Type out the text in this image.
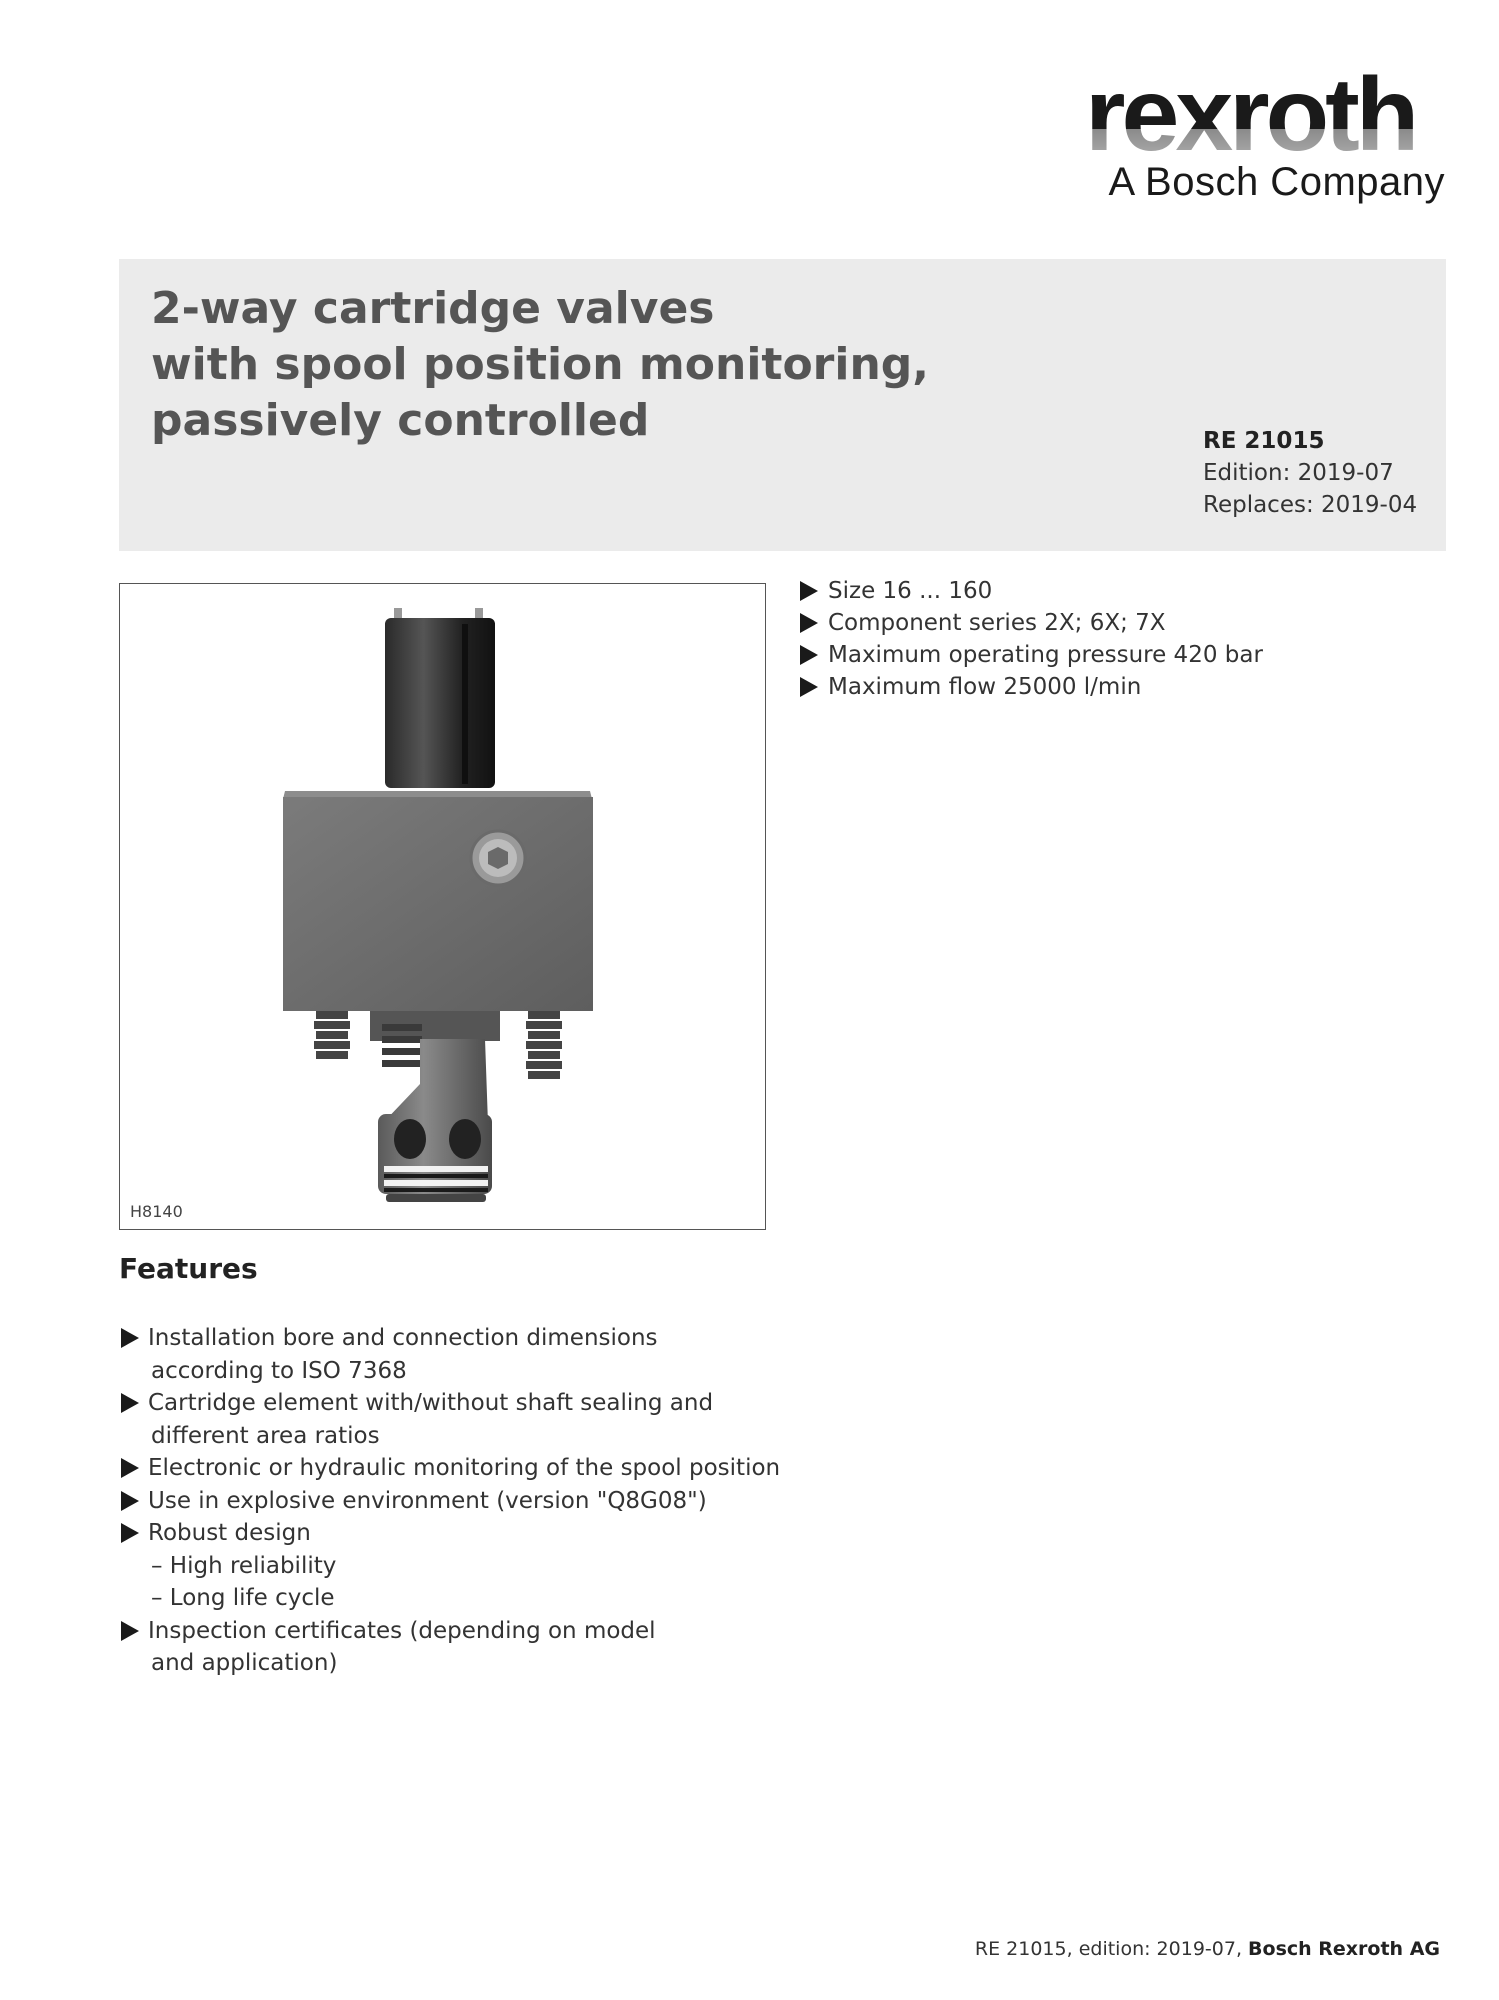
rexroth
A Bosch Company
2-way cartridge valves
with spool position monitoring,
passively controlled	RE 21015
Edition: 2019-07
Replaces: 2019-04
H8140
Size 16 ... 160
Component series 2X; 6X; 7X
Maximum operating pressure 420 bar
Maximum flow 25000 l/min
Features
Installation bore and connection dimensions
according to ISO 7368
Cartridge element with/without shaft sealing and
different area ratios
Electronic or hydraulic monitoring of the spool position
Use in explosive environment (version "Q8G08")
Robust design
– High reliability
– Long life cycle
Inspection certificates (depending on model
and application)
RE 21015, edition: 2019-07, Bosch Rexroth AG
